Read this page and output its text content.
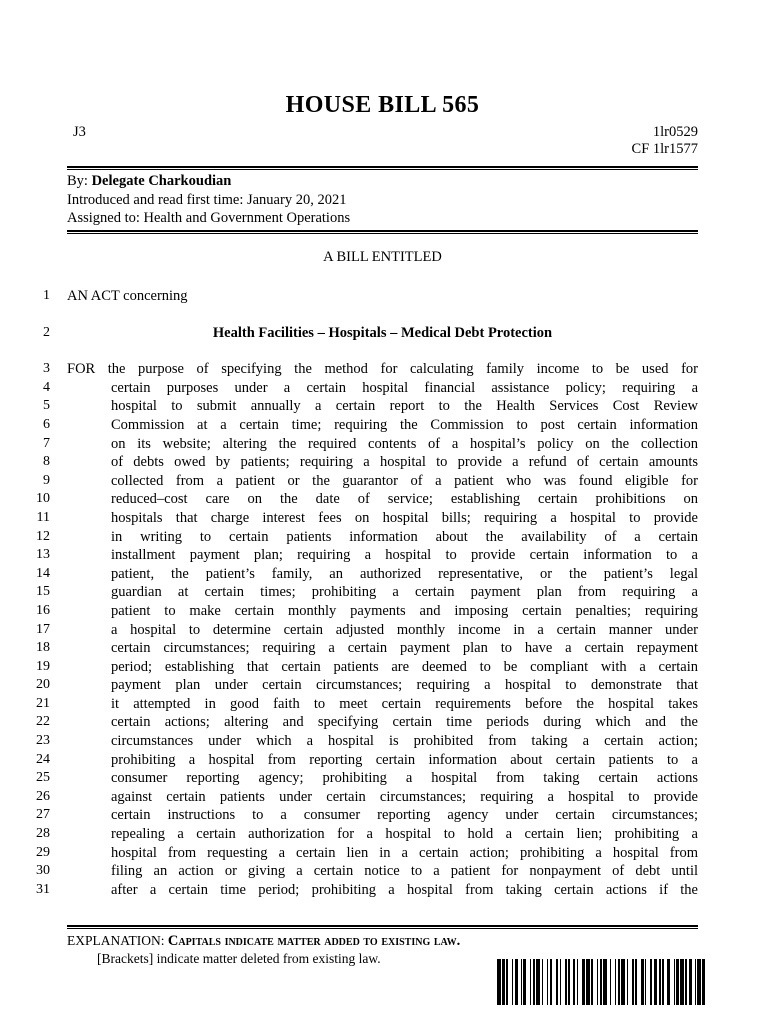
HOUSE BILL 565
J3	1lr0529
CF 1lr1577
By: Delegate Charkoudian
Introduced and read first time: January 20, 2021
Assigned to: Health and Government Operations
A BILL ENTITLED
1 AN ACT concerning
2	Health Facilities – Hospitals – Medical Debt Protection
3 FOR the purpose of specifying the method for calculating family income to be used for
4	certain purposes under a certain hospital financial assistance policy; requiring a
5	hospital to submit annually a certain report to the Health Services Cost Review
6	Commission at a certain time; requiring the Commission to post certain information
7	on its website; altering the required contents of a hospital’s policy on the collection
8	of debts owed by patients; requiring a hospital to provide a refund of certain amounts
9	collected from a patient or the guarantor of a patient who was found eligible for
10	reduced–cost care on the date of service; establishing certain prohibitions on
11	hospitals that charge interest fees on hospital bills; requiring a hospital to provide
12	in writing to certain patients information about the availability of a certain
13	installment payment plan; requiring a hospital to provide certain information to a
14	patient, the patient’s family, an authorized representative, or the patient’s legal
15	guardian at certain times; prohibiting a certain payment plan from requiring a
16	patient to make certain monthly payments and imposing certain penalties; requiring
17	a hospital to determine certain adjusted monthly income in a certain manner under
18	certain circumstances; requiring a certain payment plan to have a certain repayment
19	period; establishing that certain patients are deemed to be compliant with a certain
20	payment plan under certain circumstances; requiring a hospital to demonstrate that
21	it attempted in good faith to meet certain requirements before the hospital takes
22	certain actions; altering and specifying certain time periods during which and the
23	circumstances under which a hospital is prohibited from taking a certain action;
24	prohibiting a hospital from reporting certain information about certain patients to a
25	consumer reporting agency; prohibiting a hospital from taking certain actions
26	against certain patients under certain circumstances; requiring a hospital to provide
27	certain instructions to a consumer reporting agency under certain circumstances;
28	repealing a certain authorization for a hospital to hold a certain lien; prohibiting a
29	hospital from requesting a certain lien in a certain action; prohibiting a hospital from
30	filing an action or giving a certain notice to a patient for nonpayment of debt until
31	after a certain time period; prohibiting a hospital from taking certain actions if the
EXPLANATION: Capitals indicate matter added to existing law.
[Brackets] indicate matter deleted from existing law.
